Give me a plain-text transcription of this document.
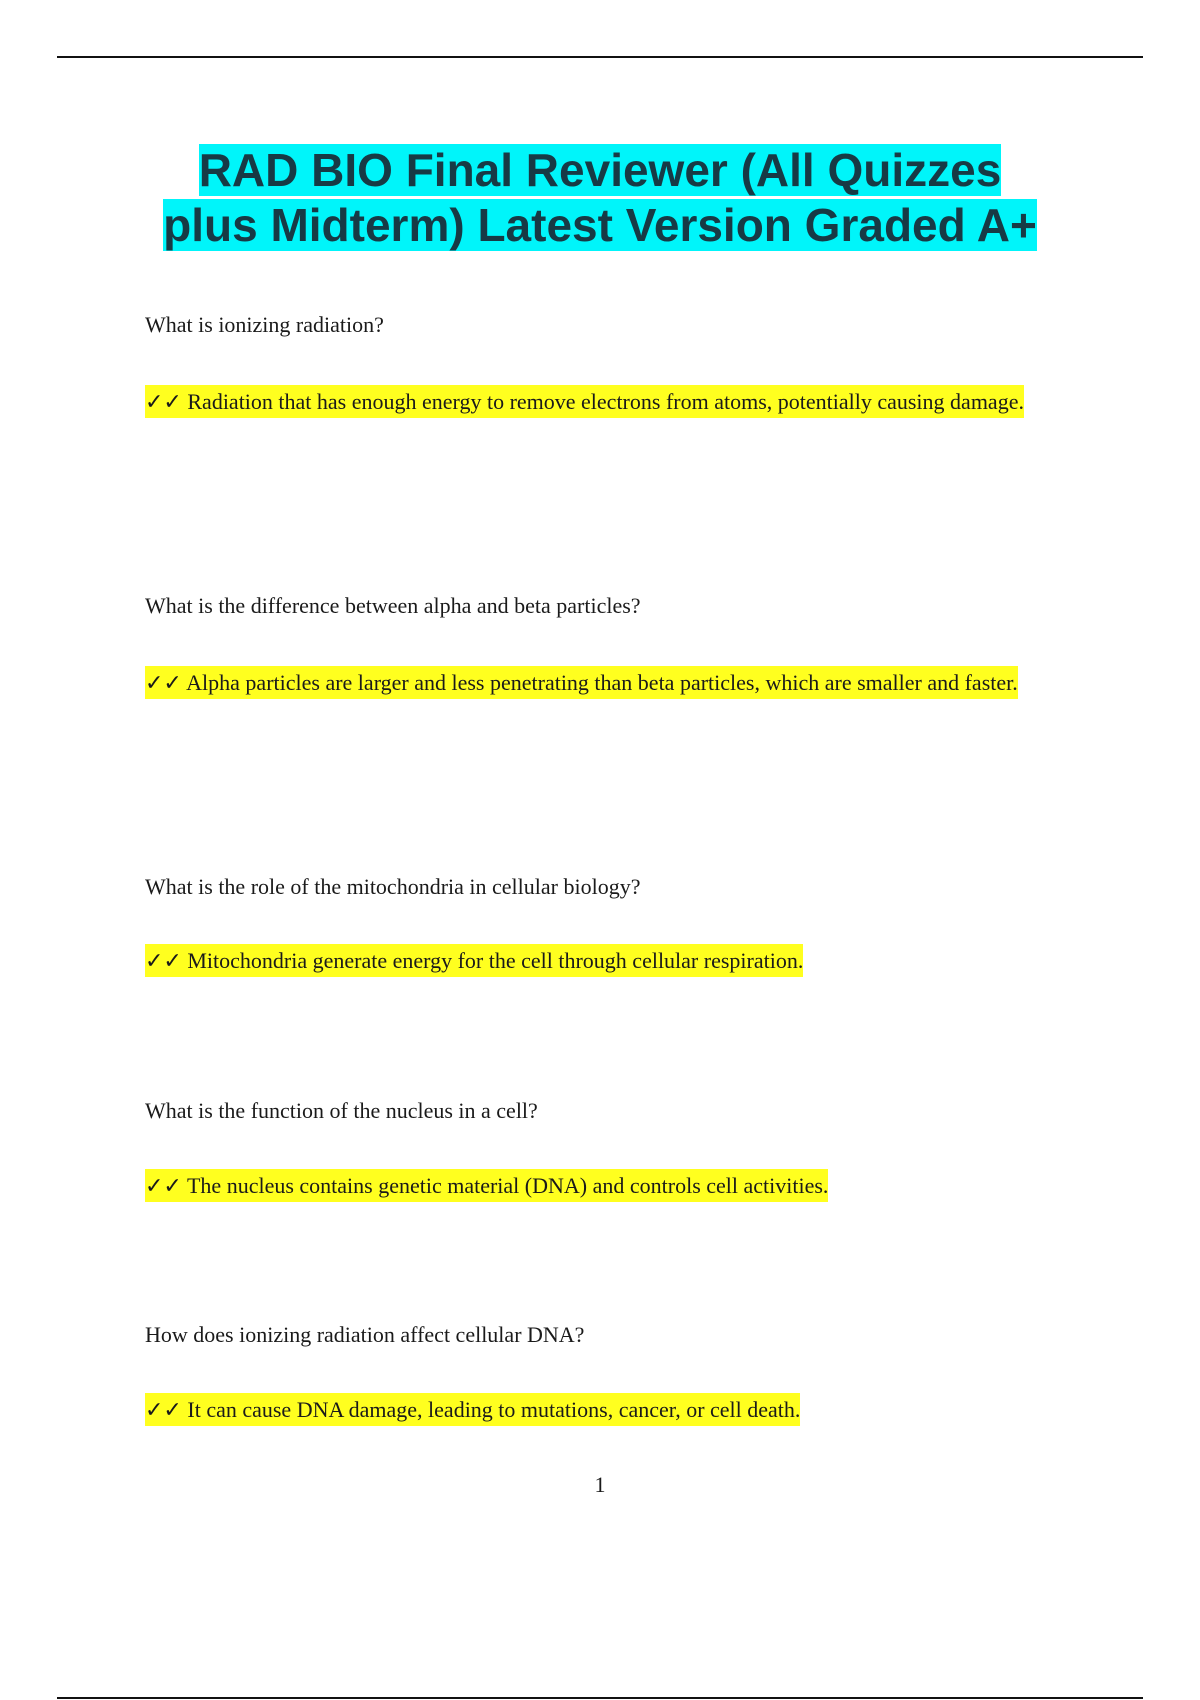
RAD BIO Final Reviewer (All Quizzes
plus Midterm) Latest Version Graded A+
What is ionizing radiation?
✓✓ Radiation that has enough energy to remove electrons from atoms, potentially causing damage.
What is the difference between alpha and beta particles?
✓✓ Alpha particles are larger and less penetrating than beta particles, which are smaller and faster.
What is the role of the mitochondria in cellular biology?
✓✓ Mitochondria generate energy for the cell through cellular respiration.
What is the function of the nucleus in a cell?
✓✓ The nucleus contains genetic material (DNA) and controls cell activities.
How does ionizing radiation affect cellular DNA?
✓✓ It can cause DNA damage, leading to mutations, cancer, or cell death.
1
